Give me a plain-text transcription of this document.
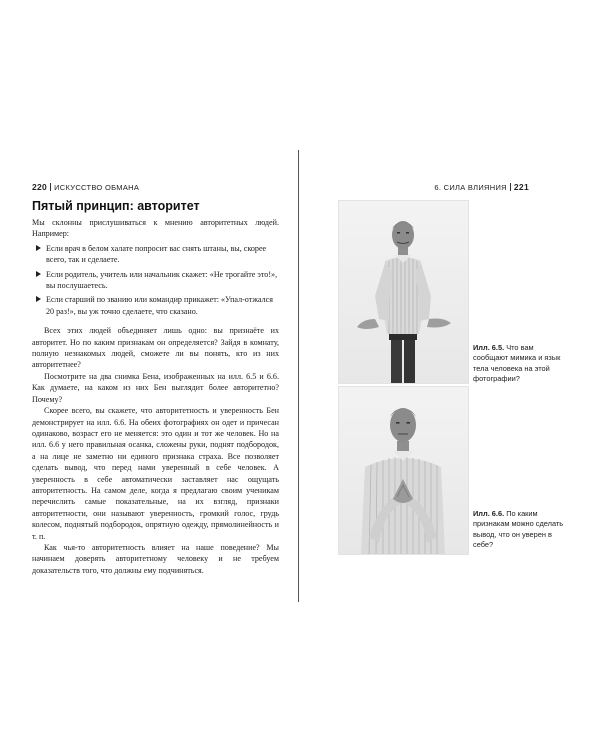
220 ИСКУССТВО ОБМАНА	6. СИЛА ВЛИЯНИЯ 221
Пятый принцип: авторитет

Мы склонны прислушиваться к мнению авторитетных людей. Например:

Если врач в белом халате попросит вас снять штаны, вы, скорее всего, так и сделаете.
Если родитель, учитель или начальник скажет: «Не трогайте это!», вы послушаетесь.
Если старший по званию или командир прикажет: «Упал-отжался 20 раз!», вы уж точно сделаете, что сказано.

Всех этих людей объединяет лишь одно: вы признаёте их авторитет. Но по каким признакам он определяется? Зайдя в комнату, полную незнакомых людей, сможете ли вы понять, кто из них авторитетнее?

Посмотрите на два снимка Бена, изображенных на илл. 6.5 и 6.6. Как думаете, на каком из них Бен выглядит более авторитетно? Почему?

Скорее всего, вы скажете, что авторитетность и уверенность Бен демонстрирует на илл. 6.6. На обеих фотографиях он одет и причесан одинаково, возраст его не меняется: это один и тот же человек. Но на илл. 6.6 у него правильная осанка, сложены руки, поднят подбородок, а на лице не заметно ни единого признака страха. Все позволяет сделать вывод, что перед нами уверенный в себе человек. А уверенность в себе автоматически заставляет нас ощущать авторитетность. На самом деле, когда я предлагаю своим ученикам перечислить самые показательные, на их взгляд, признаки авторитетности, они называют уверенность, громкий голос, грудь колесом, поднятый подбородок, опрятную одежду, прямолинейность и т. п.

Как чья-то авторитетность влияет на наше поведение? Мы начинаем доверять авторитетному человеку и не требуем доказательств того, что должны ему подчиняться.

Илл. 6.5. Что вам сообщают мимика и язык тела человека на этой фотографии?
Илл. 6.6. По каким признакам можно сделать вывод, что он уверен в себе?
